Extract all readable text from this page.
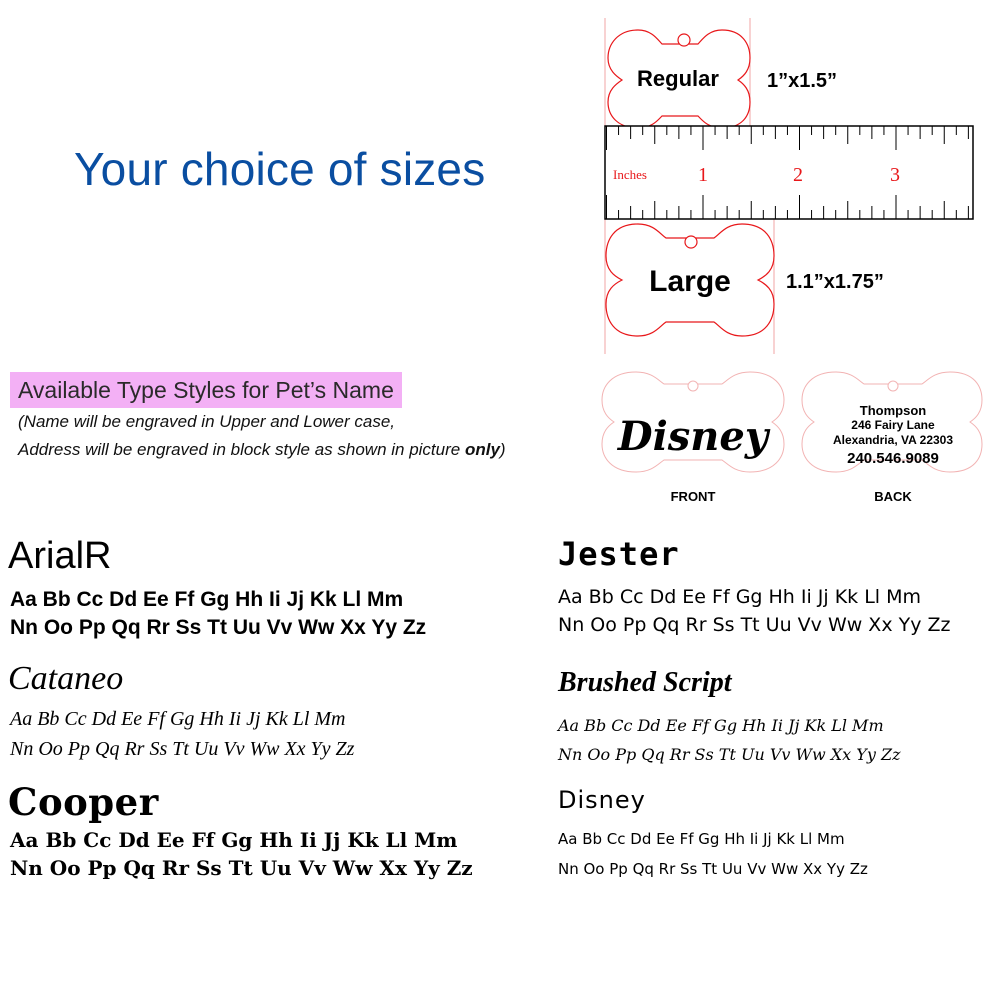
Your choice of sizes
Regular 1”x1.5”
Inches	1	2	3
Large	1.1”x1.75”
Available Type Styles for Pet’s Name
(Name will be engraved in Upper and Lower case,
Address will be engraved in block style as shown in picture only)	Disney
FRONT
Thompson
246 Fairy Lane
Alexandria, VA 22303
240.546.9089
BACK
ArialR
Aa Bb Cc Dd Ee Ff Gg Hh Ii Jj Kk Ll Mm
Nn Oo Pp Qq Rr Ss Tt Uu Vv Ww Xx Yy Zz
Cataneo
Aa Bb Cc Dd Ee Ff Gg Hh Ii Jj Kk Ll Mm
Nn Oo Pp Qq Rr Ss Tt Uu Vv Ww Xx Yy Zz
Cooper
Aa Bb Cc Dd Ee Ff Gg Hh Ii Jj Kk Ll Mm
Nn Oo Pp Qq Rr Ss Tt Uu Vv Ww Xx Yy Zz
Jester
Aa Bb Cc Dd Ee Ff Gg Hh Ii Jj Kk Ll Mm
Nn Oo Pp Qq Rr Ss Tt Uu Vv Ww Xx Yy Zz
Brushed Script
Aa Bb Cc Dd Ee Ff Gg Hh Ii Jj Kk Ll Mm
Nn Oo Pp Qq Rr Ss Tt Uu Vv Ww Xx Yy Zz
Disney
Aa Bb Cc Dd Ee Ff Gg Hh Ii Jj Kk Ll Mm
Nn Oo Pp Qq Rr Ss Tt Uu Vv Ww Xx Yy Zz
